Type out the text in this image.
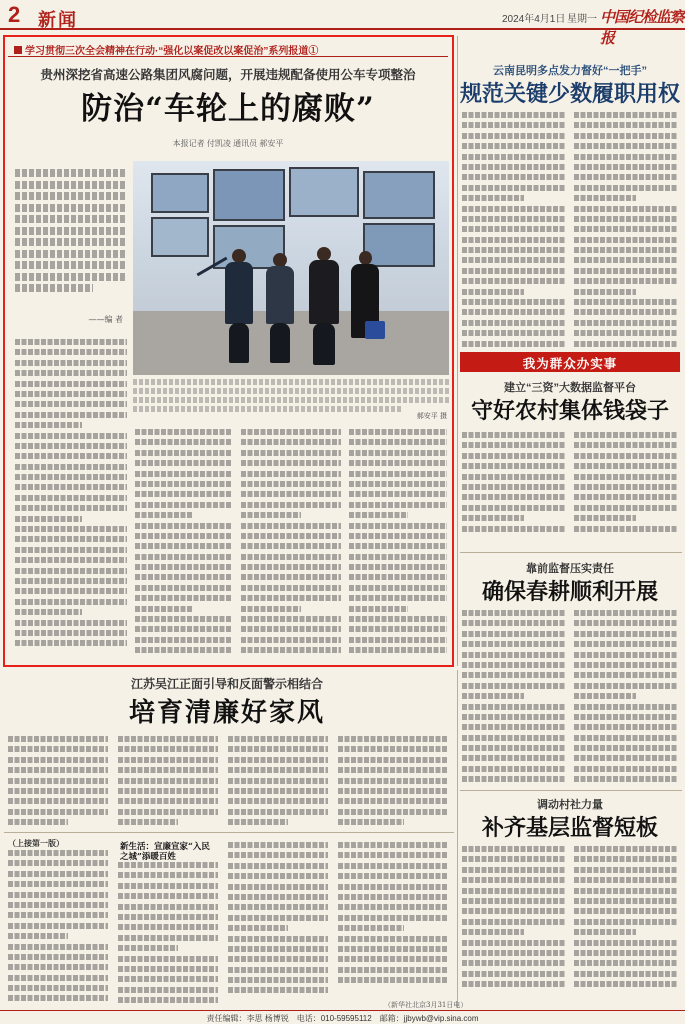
2 新闻	2024年4月1日 星期一 中国纪检监察报
学习贯彻三次全会精神在行动·“强化以案促改以案促治”系列报道①
贵州深挖省高速公路集团风腐问题，开展违规配备使用公车专项整治
防治“车轮上的腐败”
本报记者 付凯凌 通讯员 郝安平
——编 者
郝安平 摄
云南昆明多点发力督好“一把手”
规范关键少数履职用权
我为群众办实事
建立“三资”大数据监督平台
守好农村集体钱袋子
靠前监督压实责任
确保春耕顺利开展
调动村社力量
补齐基层监督短板
江苏吴江正面引导和反面警示相结合
培育清廉好家风
（上接第一版）	新生活：宣廉宣家“入民之城”添暖百姓
（新华社北京3月31日电）
责任编辑：李思 杨博锐　电话：010-59595112　邮箱：jjbywb@vip.sina.com
